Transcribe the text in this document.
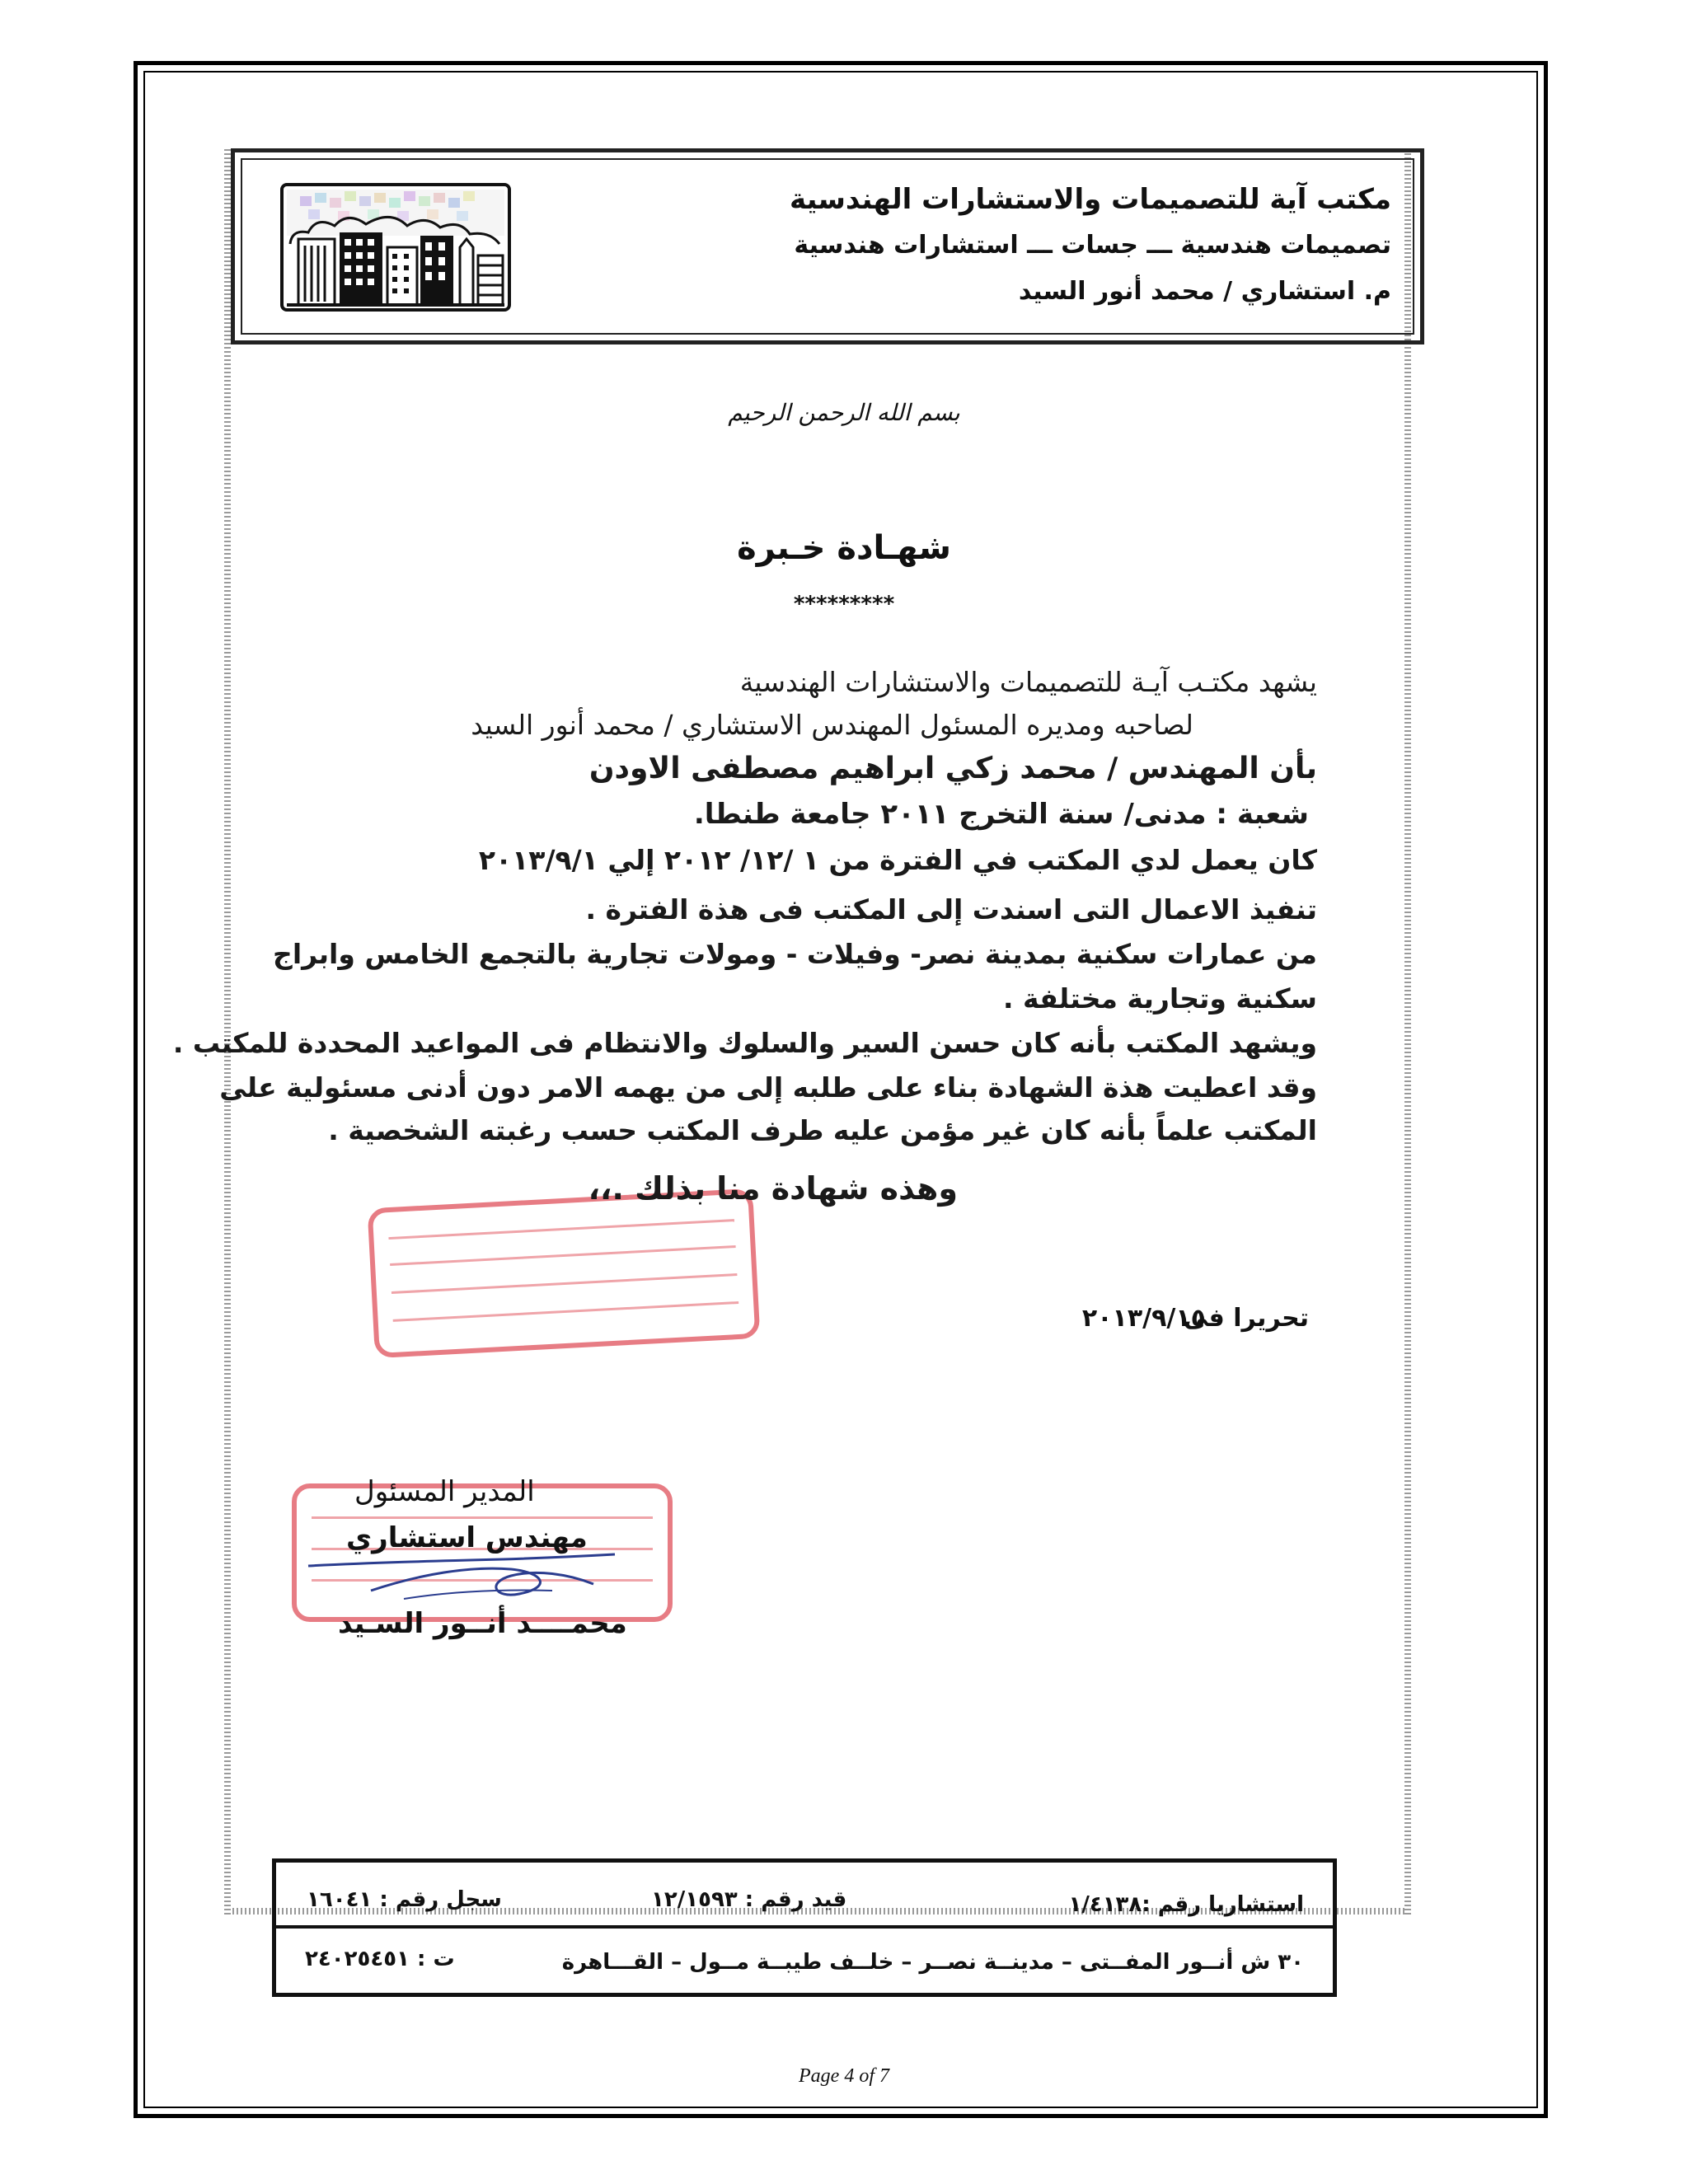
مكتب آية للتصميمات والاستشارات الهندسية
تصميمات هندسية ـــ جسات ـــ استشارات هندسية
م. استشاري / محمد أنور السيد
بسم الله الرحمن الرحيم
شهـادة خـبرة
*********
يشهد مكتـب آيـة للتصميمات والاستشارات الهندسية
لصاحبه ومديره المسئول المهندس الاستشاري / محمد أنور السيد
بأن المهندس / محمد زكي ابراهيم مصطفى الاودن
شعبة : مدنى/ سنة التخرج ٢٠١١ جامعة طنطا.
كان يعمل لدي المكتب في الفترة من ١ /١٢/ ٢٠١٢ إلي ٢٠١٣/٩/١
تنفيذ الاعمال التى اسندت إلى المكتب فى هذة الفترة .
من عمارات سكنية بمدينة نصر- وفيلات - ومولات تجارية بالتجمع الخامس وابراج
سكنية وتجارية مختلفة .
ويشهد المكتب بأنه كان حسن السير والسلوك والانتظام فى المواعيد المحددة للمكتب .
وقد اعطيت هذة الشهادة بناء على طلبه إلى من يهمه الامر دون أدنى مسئولية على
المكتب علماً بأنه كان غير مؤمن عليه طرف المكتب حسب رغبته الشخصية .
وهذه شهادة منا بذلك .،،
تحريرا فى
٢٠١٣/٩/١٥
المدير المسئول
مهندس استشاري
محمــــد أنــور السـيد
استشاريا رقم :١/٤١٣٨
قيد رقم : ١٢/١٥٩٣
سجل رقم : ١٦٠٤١
٣٠ ش أنــور المفــتى – مدينــة نصــر – خلــف طيبــة مــول – القـــاهرة
ت : ٢٤٠٢٥٤٥١
Page 4 of 7
